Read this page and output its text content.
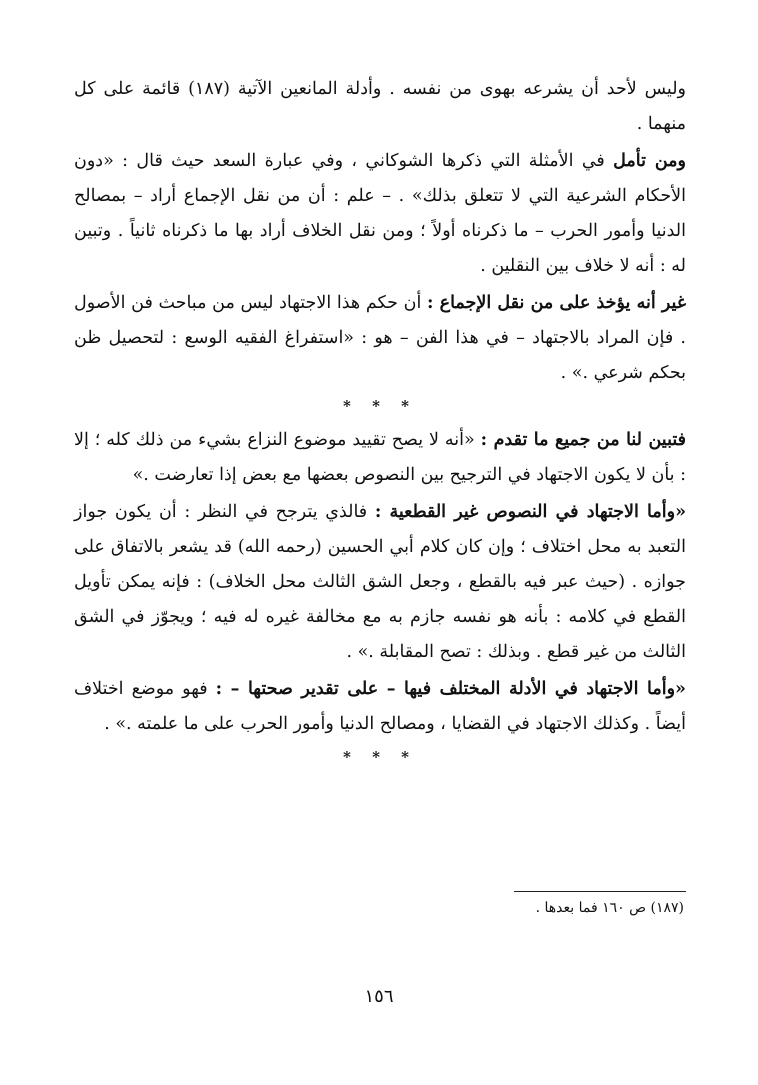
وليس لأحد أن يشرعه بهوى من نفسه . وأدلة المانعين الآتية (١٨٧) قائمة على كل منهما .

ومن تأمل في الأمثلة التي ذكرها الشوكاني ، وفي عبارة السعد حيث قال : «دون الأحكام الشرعية التي لا تتعلق بذلك» . – علم : أن من نقل الإجماع أراد – بمصالح الدنيا وأمور الحرب – ما ذكرناه أولاً ؛ ومن نقل الخلاف أراد بها ما ذكرناه ثانياً . وتبين له : أنه لا خلاف بين النقلين .

غير أنه يؤخذ على من نقل الإجماع : أن حكم هذا الاجتهاد ليس من مباحث فن الأصول . فإن المراد بالاجتهاد – في هذا الفن – هو : «استفراغ الفقيه الوسع : لتحصيل ظن بحكم شرعي .» .

* * *

فتبين لنا من جميع ما تقدم : «أنه لا يصح تقييد موضوع النزاع بشيء من ذلك كله ؛ إلا : بأن لا يكون الاجتهاد في الترجيح بين النصوص بعضها مع بعض إذا تعارضت .»

«وأما الاجتهاد في النصوص غير القطعية : فالذي يترجح في النظر : أن يكون جواز التعبد به محل اختلاف ؛ وإن كان كلام أبي الحسين (رحمه الله) قد يشعر بالاتفاق على جوازه . (حيث عبر فيه بالقطع ، وجعل الشق الثالث محل الخلاف) : فإنه يمكن تأويل القطع في كلامه : بأنه هو نفسه جازم به مع مخالفة غيره له فيه ؛ ويجوّز في الشق الثالث من غير قطع . وبذلك : تصح المقابلة .» .

«وأما الاجتهاد في الأدلة المختلف فيها – على تقدير صحتها – : فهو موضع اختلاف أيضاً . وكذلك الاجتهاد في القضايا ، ومصالح الدنيا وأمور الحرب على ما علمته .» .

* * *
(١٨٧) ص ١٦٠ فما بعدها .
١٥٦
